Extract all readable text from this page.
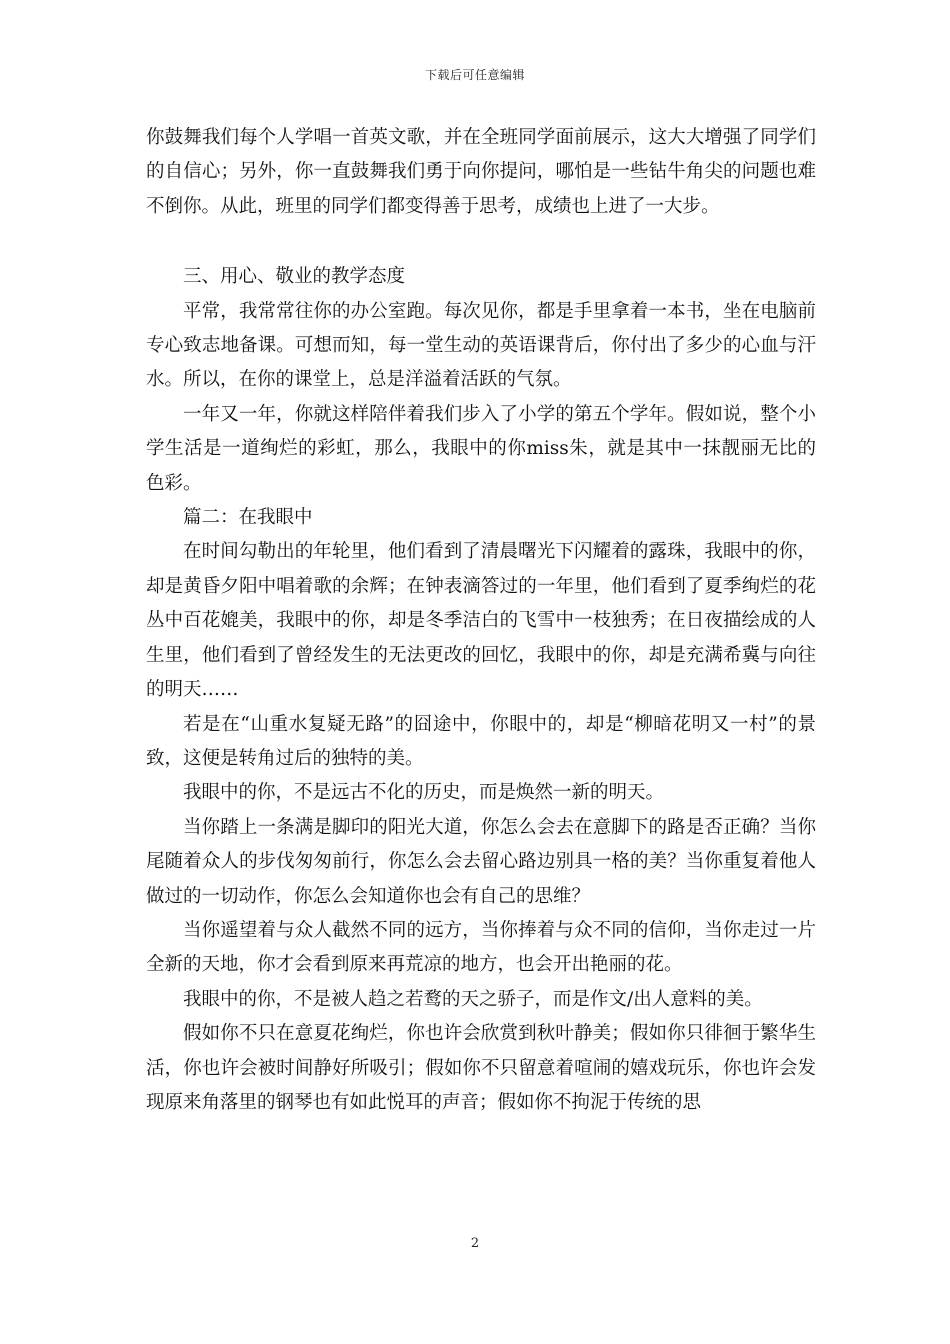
下载后可任意编辑

你鼓舞我们每个人学唱一首英文歌，并在全班同学面前展示，这大大增强了同学们的自信心；另外，你一直鼓舞我们勇于向你提问，哪怕是一些钻牛角尖的问题也难不倒你。从此，班里的同学们都变得善于思考，成绩也上进了一大步。

三、用心、敬业的教学态度

平常，我常常往你的办公室跑。每次见你，都是手里拿着一本书，坐在电脑前专心致志地备课。可想而知，每一堂生动的英语课背后，你付出了多少的心血与汗水。所以，在你的课堂上，总是洋溢着活跃的气氛。

一年又一年，你就这样陪伴着我们步入了小学的第五个学年。假如说，整个小学生活是一道绚烂的彩虹，那么，我眼中的你miss朱，就是其中一抹靓丽无比的色彩。

篇二：在我眼中

在时间勾勒出的年轮里，他们看到了清晨曙光下闪耀着的露珠，我眼中的你，却是黄昏夕阳中唱着歌的余辉；在钟表滴答过的一年里，他们看到了夏季绚烂的花丛中百花媲美，我眼中的你，却是冬季洁白的飞雪中一枝独秀；在日夜描绘成的人生里，他们看到了曾经发生的无法更改的回忆，我眼中的你，却是充满希冀与向往的明天……

若是在“山重水复疑无路”的囧途中，你眼中的，却是“柳暗花明又一村”的景致，这便是转角过后的独特的美。

我眼中的你，不是远古不化的历史，而是焕然一新的明天。

当你踏上一条满是脚印的阳光大道，你怎么会去在意脚下的路是否正确？当你尾随着众人的步伐匆匆前行，你怎么会去留心路边别具一格的美？当你重复着他人做过的一切动作，你怎么会知道你也会有自己的思维？

当你遥望着与众人截然不同的远方，当你捧着与众不同的信仰，当你走过一片全新的天地，你才会看到原来再荒凉的地方，也会开出艳丽的花。

我眼中的你，不是被人趋之若鹜的天之骄子，而是作文/出人意料的美。

假如你不只在意夏花绚烂，你也许会欣赏到秋叶静美；假如你只徘徊于繁华生活，你也许会被时间静好所吸引；假如你不只留意着喧闹的嬉戏玩乐，你也许会发现原来角落里的钢琴也有如此悦耳的声音；假如你不拘泥于传统的思

2
